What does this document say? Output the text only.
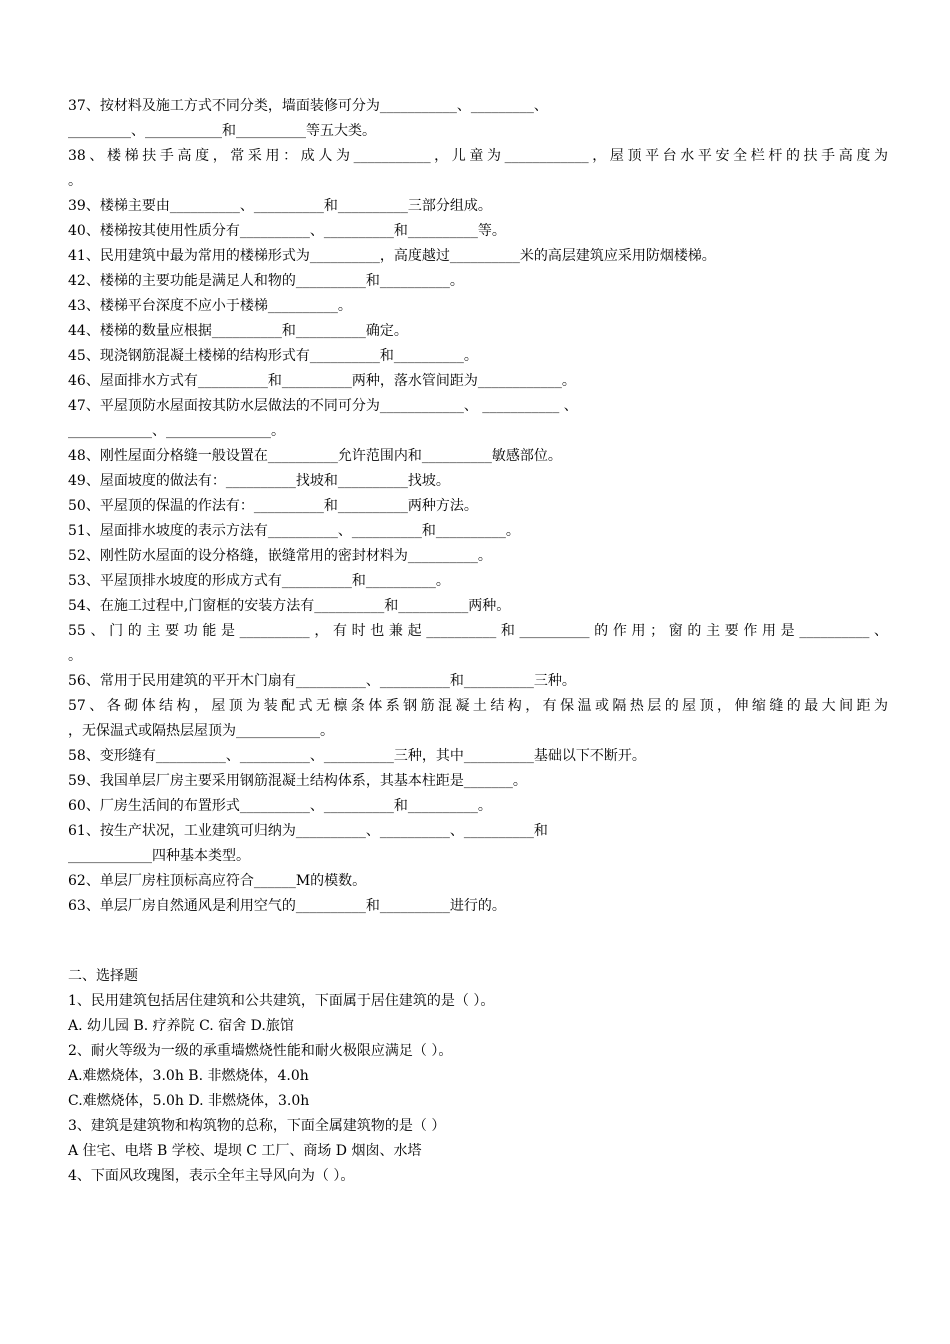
37、按材料及施工方式不同分类，墙面装修可分为___________、_________、
_________、___________和__________等五大类。
38、楼梯扶手高度，常采用：成人为___________，儿童为____________，屋顶平台水平安全栏杆的扶手高度为
。
39、楼梯主要由__________、__________和__________三部分组成。
40、楼梯按其使用性质分有__________、__________和__________等。
41、民用建筑中最为常用的楼梯形式为__________，高度越过__________米的高层建筑应采用防烟楼梯。
42、楼梯的主要功能是满足人和物的__________和__________。
43、楼梯平台深度不应小于楼梯__________。
44、楼梯的数量应根据__________和__________确定。
45、现浇钢筋混凝土楼梯的结构形式有__________和__________。
46、屋面排水方式有__________和__________两种，落水管间距为____________。
47、平屋顶防水屋面按其防水层做法的不同可分为____________、 ___________ 、
____________、_______________。
48、刚性屋面分格缝一般设置在__________允许范围内和__________敏感部位。
49、屋面坡度的做法有：__________找坡和__________找坡。
50、平屋顶的保温的作法有：__________和__________两种方法。
51、屋面排水坡度的表示方法有__________、__________和__________。
52、刚性防水屋面的设分格缝，嵌缝常用的密封材料为__________。
53、平屋顶排水坡度的形成方式有__________和__________。
54、在施工过程中,门窗框的安装方法有__________和__________两种。
55、门的主要功能是__________，有时也兼起__________和__________的作用；窗的主要作用是__________、
。
56、常用于民用建筑的平开木门扇有__________、__________和__________三种。
57、各砌体结构，屋顶为装配式无檩条体系钢筋混凝土结构，有保温或隔热层的屋顶，伸缩缝的最大间距为
，无保温式或隔热层屋顶为____________。
58、变形缝有__________、__________、__________三种，其中__________基础以下不断开。
59、我国单层厂房主要采用钢筋混凝土结构体系，其基本柱距是_______。
60、厂房生活间的布置形式__________、__________和__________。
61、按生产状况，工业建筑可归纳为__________、__________、__________和
____________四种基本类型。
62、单层厂房柱顶标高应符合______M的模数。
63、单层厂房自然通风是利用空气的__________和__________进行的。
二、选择题
1、民用建筑包括居住建筑和公共建筑，下面属于居住建筑的是（ ）。
A. 幼儿园 B. 疗养院 C. 宿舍 D.旅馆
2、耐火等级为一级的承重墙燃烧性能和耐火极限应满足（ ）。
A.难燃烧体，3.0h B. 非燃烧体，4.0h
C.难燃烧体，5.0h D. 非燃烧体，3.0h
3、建筑是建筑物和构筑物的总称，下面全属建筑物的是（ ）
A 住宅、电塔 B 学校、堤坝 C 工厂、商场 D 烟囱、水塔
4、下面风玫瑰图，表示全年主导风向为（ ）。
